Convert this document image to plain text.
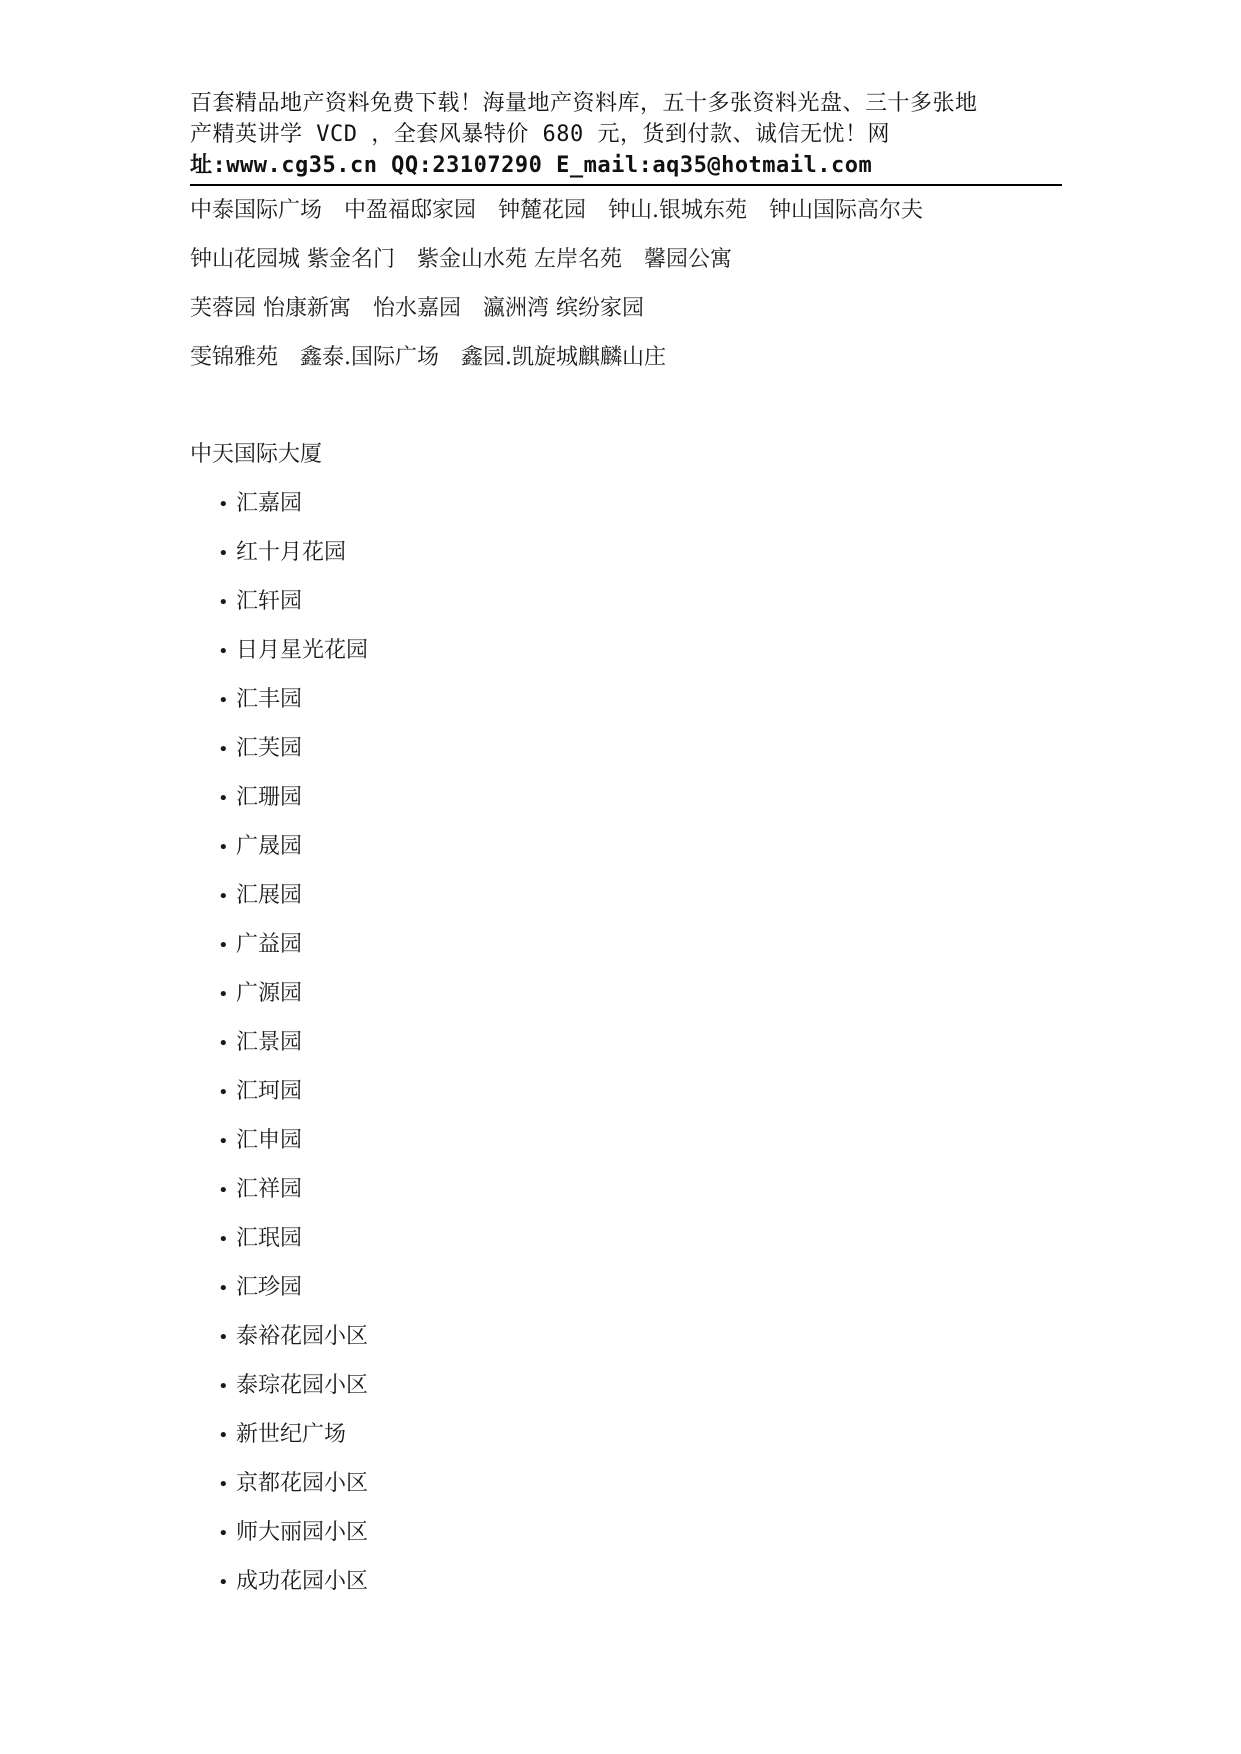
百套精品地产资料免费下载！海量地产资料库，五十多张资料光盘、三十多张地
产精英讲学 VCD ，全套风暴特价 680 元，货到付款、诚信无忧！网
址:www.cg35.cn QQ:23107290 E_mail:aq35@hotmail.com
中泰国际广场 中盈福邸家园 钟麓花园 钟山.银城东苑 钟山国际高尔夫
钟山花园城 紫金名门 紫金山水苑 左岸名苑 馨园公寓
芙蓉园 怡康新寓 怡水嘉园 瀛洲湾 缤纷家园
雯锦雅苑 鑫泰.国际广场 鑫园.凯旋城麒麟山庄
中天国际大厦
• 汇嘉园
• 红十月花园
• 汇轩园
• 日月星光花园
• 汇丰园
• 汇芙园
• 汇珊园
• 广晟园
• 汇展园
• 广益园
• 广源园
• 汇景园
• 汇珂园
• 汇申园
• 汇祥园
• 汇珉园
• 汇珍园
• 泰裕花园小区
• 泰琮花园小区
• 新世纪广场
• 京都花园小区
• 师大丽园小区
• 成功花园小区
